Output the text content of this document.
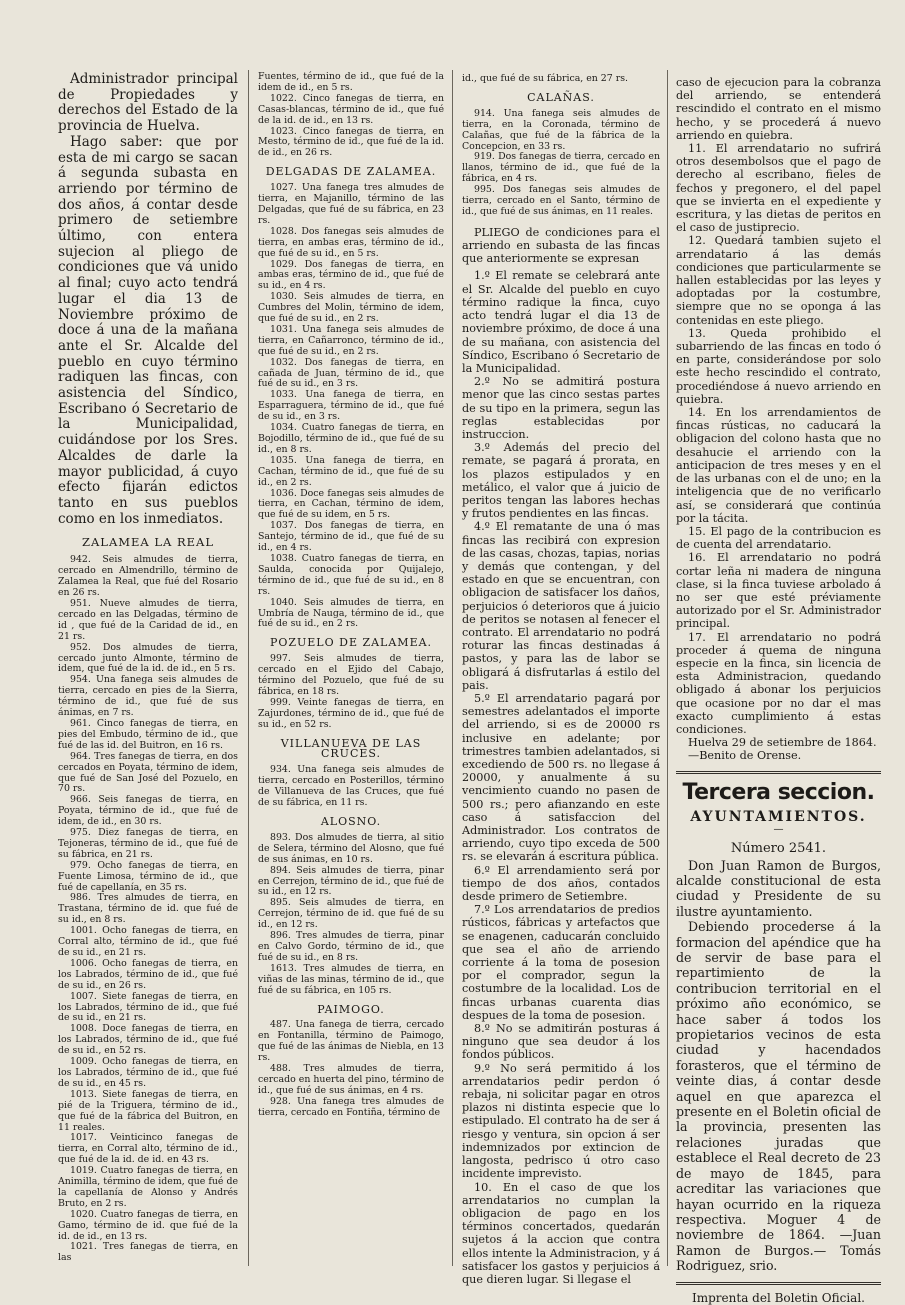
Administrador principal de Propiedades y derechos del Estado de la provincia de Huelva.

Hago saber: que por esta de mi cargo se sacan á segunda subasta en arriendo por término de dos años, á contar desde primero de setiembre último, con entera sujecion al pliego de condiciones que vá unido al final; cuyo acto tendrá lugar el dia 13 de Noviembre próximo de doce á una de la mañana ante el Sr. Alcalde del pueblo en cuyo término radiquen las fincas, con asistencia del Síndico, Escribano ó Secretario de la Municipalidad, cuidándose por los Sres. Alcaldes de darle la mayor publicidad, á cuyo efecto fijarán edictos tanto en sus pueblos como en los inmediatos.

ZALAMEA LA REAL

942. Seis almudes de tierra, cercado en Almendrillo, término de Zalamea la Real, que fué del Rosario en 26 rs.

951. Nueve almudes de tierra, cercado en las Delgadas, término de id , que fué de la Caridad de id., en 21 rs.

952. Dos almudes de tierra, cercado junto Almonte, término de idem, que fué de la id. de id., en 5 rs.

954. Una fanega seis almudes de tierra, cercado en pies de la Sierra, término de id., que fué de sus ánimas, en 7 rs.

961. Cinco fanegas de tierra, en pies del Embudo, término de id., que fué de las id. del Buitron, en 16 rs.

964. Tres fanegas de tierra, en dos cercados en Poyata, término de idem, que fué de San José del Pozuelo, en 70 rs.

966. Seis fanegas de tierra, en Poyata, término de id., que fué de idem, de id., en 30 rs.

975. Diez fanegas de tierra, en Tejoneras, término de id., que fué de su fábrica, en 21 rs.

979. Ocho fanegas de tierra, en Fuente Limosa, término de id., que fué de capellanía, en 35 rs.

986. Tres almudes de tierra, en Trastana, término de id. que fué de su id., en 8 rs.

1001. Ocho fanegas de tierra, en Corral alto, término de id., que fué de su id., en 21 rs.

1006. Ocho fanegas de tierra, en los Labrados, término de id., que fué de su id., en 26 rs.

1007. Siete fanegas de tierra, en los Labrados, término de id., que fué de su id., en 21 rs.

1008. Doce fanegas de tierra, en los Labrados, término de id., que fué de su id., en 52 rs.

1009. Ocho fanegas de tierra, en los Labrados, término de id., que fué de su id., en 45 rs.

1013. Siete fanegas de tierra, en pié de la Triguera, término de id., que fué de la fábrica del Buitron, en 11 reales.

1017. Veinticinco fanegas de tierra, en Corral alto, término de id., que fué de la id. de id. en 43 rs.

1019. Cuatro fanegas de tierra, en Animilla, término de idem, que fué de la capellanía de Alonso y Andrés Bruto, en 2 rs.

1020. Cuatro fanegas de tierra, en Gamo, término de id. que fué de la id. de id., en 13 rs.

1021. Tres fanegas de tierra, en las

Fuentes, término de id., que fué de la idem de id., en 5 rs.

1022. Cinco fanegas de tierra, en Casas-blancas, término de id., que fué de la id. de id., en 13 rs.

1023. Cinco fanegas de tierra, en Mesto, término de id., que fué de la id. de id., en 26 rs.

DELGADAS DE ZALAMEA.

1027. Una fanega tres almudes de tierra, en Majanillo, término de las Delgadas, que fué de su fábrica, en 23 rs.

1028. Dos fanegas seis almudes de tierra, en ambas eras, término de id., que fué de su id., en 5 rs.

1029. Dos fanegas de tierra, en ambas eras, término de id., que fué de su id., en 4 rs.

1030. Seis almudes de tierra, en Cumbres del Molin, término de idem, que fué de su id., en 2 rs.

1031. Una fanega seis almudes de tierra, en Cañarronco, término de id., que fué de su id., en 2 rs.

1032. Dos fanegas de tierra, en cañada de Juan, término de id., que fué de su id., en 3 rs.

1033. Una fanega de tierra, en Esparraguera, término de id., que fué de su id., en 3 rs.

1034. Cuatro fanegas de tierra, en Bojodillo, término de id., que fué de su id., en 8 rs.

1035. Una fanega de tierra, en Cachan, término de id., que fué de su id., en 2 rs.

1036. Doce fanegas seis almudes de tierra, en Cachan, término de idem, que fué de su idem, en 5 rs.

1037. Dos fanegas de tierra, en Santejo, término de id., que fué de su id., en 4 rs.

1038. Cuatro fanegas de tierra, en Saulda, conocida por Quijalejo, término de id., que fué de su id., en 8 rs.

1040. Seis almudes de tierra, en Umbría de Nauga, término de id., que fué de su id., en 2 rs.

POZUELO DE ZALAMEA.

997. Seis almudes de tierra, cercado en el Ejido del Cabajo, término del Pozuelo, que fué de su fábrica, en 18 rs.

999. Veinte fanegas de tierra, en Zajurdones, término de id., que fué de su id., en 52 rs.

VILLANUEVA DE LAS CRUCES.

934. Una fanega seis almudes de tierra, cercado en Posterillos, término de Villanueva de las Cruces, que fué de su fábrica, en 11 rs.

ALOSNO.

893. Dos almudes de tierra, al sitio de Selera, término del Alosno, que fué de sus ánimas, en 10 rs.

894. Seis almudes de tierra, pinar en Cerrejon, término de id., que fué de su id., en 12 rs.

895. Seis almudes de tierra, en Cerrejon, término de id. que fué de su id., en 12 rs.

896. Tres almudes de tierra, pinar en Calvo Gordo, término de id., que fué de su id., en 8 rs.

1613. Tres almudes de tierra, en viñas de las minas, término de id., que fué de su fábrica, en 105 rs.

PAIMOGO.

487. Una fanega de tierra, cercado en Fontanilla, término de Paimogo, que fué de las ánimas de Niebla, en 13 rs.

488. Tres almudes de tierra, cercado en huerta del pino, término de id., que fué de sus ánimas, en 4 rs.

928. Una fanega tres almudes de tierra, cercado en Fontiña, término de

id., que fué de su fábrica, en 27 rs.

CALAÑAS.

914. Una fanega seis almudes de tierra, en la Coronada, término de Calañas, que fué de la fábrica de la Concepcion, en 33 rs.

919. Dos fanegas de tierra, cercado en llanos, término de id., que fué de la fábrica, en 4 rs.

995. Dos fanegas seis almudes de tierra, cercado en el Santo, término de id., que fué de sus ánimas, en 11 reales.

PLIEGO de condiciones para el arriendo en subasta de las fincas que anteriormente se expresan

1.º El remate se celebrará ante el Sr. Alcalde del pueblo en cuyo término radique la finca, cuyo acto tendrá lugar el dia 13 de noviembre próximo, de doce á una de su mañana, con asistencia del Síndico, Escribano ó Secretario de la Municipalidad.

2.º No se admitirá postura menor que las cinco sestas partes de su tipo en la primera, segun las reglas establecidas por instruccion.

3.º Además del precio del remate, se pagará á prorata, en los plazos estipulados y en metálico, el valor que á juicio de peritos tengan las labores hechas y frutos pendientes en las fincas.

4.º El rematante de una ó mas fincas las recibirá con expresion de las casas, chozas, tapias, norias y demás que contengan, y del estado en que se encuentran, con obligacion de satisfacer los daños, perjuicios ó deterioros que á juicio de peritos se notasen al fenecer el contrato. El arrendatario no podrá roturar las fincas destinadas á pastos, y para las de labor se obligará á disfrutarlas á estilo del pais.

5.º El arrendatario pagará por semestres adelantados el importe del arriendo, si es de 20000 rs inclusive en adelante; por trimestres tambien adelantados, si excediendo de 500 rs. no llegase á 20000, y anualmente á su vencimiento cuando no pasen de 500 rs.; pero afianzando en este caso á satisfaccion del Administrador. Los contratos de arriendo, cuyo tipo exceda de 500 rs. se elevarán á escritura pública.

6.º El arrendamiento será por tiempo de dos años, contados desde primero de Setiembre.

7.º Los arrendatarios de predios rústicos, fábricas y artefactos que se enagenen, caducarán concluido que sea el año de arriendo corriente á la toma de posesion por el comprador, segun la costumbre de la localidad. Los de fincas urbanas cuarenta dias despues de la toma de posesion.

8.º No se admitirán posturas á ninguno que sea deudor á los fondos públicos.

9.º No será permitido á los arrendatarios pedir perdon ó rebaja, ni solicitar pagar en otros plazos ni distinta especie que lo estipulado. El contrato ha de ser á riesgo y ventura, sin opcion á ser indemnizados por extincion de langosta, pedrisco ú otro caso incidente imprevisto.

10. En el caso de que los arrendatarios no cumplan la obligacion de pago en los términos concertados, quedarán sujetos á la accion que contra ellos intente la Administracion, y á satisfacer los gastos y perjuicios á que dieren lugar. Si llegase el

caso de ejecucion para la cobranza del arriendo, se entenderá rescindido el contrato en el mismo hecho, y se procederá á nuevo arriendo en quiebra.

11. El arrendatario no sufrirá otros desembolsos que el pago de derecho al escribano, fieles de fechos y pregonero, el del papel que se invierta en el expediente y escritura, y las dietas de peritos en el caso de justiprecio.

12. Quedará tambien sujeto el arrendatario á las demás condiciones que particularmente se hallen establecidas por las leyes y adoptadas por la costumbre, siempre que no se oponga á las contenidas en este pliego.

13. Queda prohibido el subarriendo de las fincas en todo ó en parte, considerándose por solo este hecho rescindido el contrato, procediéndose á nuevo arriendo en quiebra.

14. En los arrendamientos de fincas rústicas, no caducará la obligacion del colono hasta que no desahucie el arriendo con la anticipacion de tres meses y en el de las urbanas con el de uno; en la inteligencia que de no verificarlo así, se considerará que continúa por la tácita.

15. El pago de la contribucion es de cuenta del arrendatario.

16. El arrendatario no podrá cortar leña ni madera de ninguna clase, si la finca tuviese arbolado á no ser que esté préviamente autorizado por el Sr. Administrador principal.

17. El arrendatario no podrá proceder á quema de ninguna especie en la finca, sin licencia de esta Administracion, quedando obligado á abonar los perjuicios que ocasione por no dar el mas exacto cumplimiento á estas condiciones.

Huelva 29 de setiembre de 1864.

—Benito de Orense.

Tercera seccion.
AYUNTAMIENTOS.
—
Número 2541.

Don Juan Ramon de Burgos, alcalde constitucional de esta ciudad y Presidente de su ilustre ayuntamiento.

Debiendo procederse á la formacion del apéndice que ha de servir de base para el repartimiento de la contribucion territorial en el próximo año económico, se hace saber á todos los propietarios vecinos de esta ciudad y hacendados forasteros, que el término de veinte dias, á contar desde aquel en que aparezca el presente en el Boletin oficial de la provincia, presenten las relaciones juradas que establece el Real decreto de 23 de mayo de 1845, para acreditar las variaciones que hayan ocurrido en la riqueza respectiva. Moguer 4 de noviembre de 1864. —Juan Ramon de Burgos.— Tomás Rodriguez, srio.

Imprenta del Boletin Oficial.
